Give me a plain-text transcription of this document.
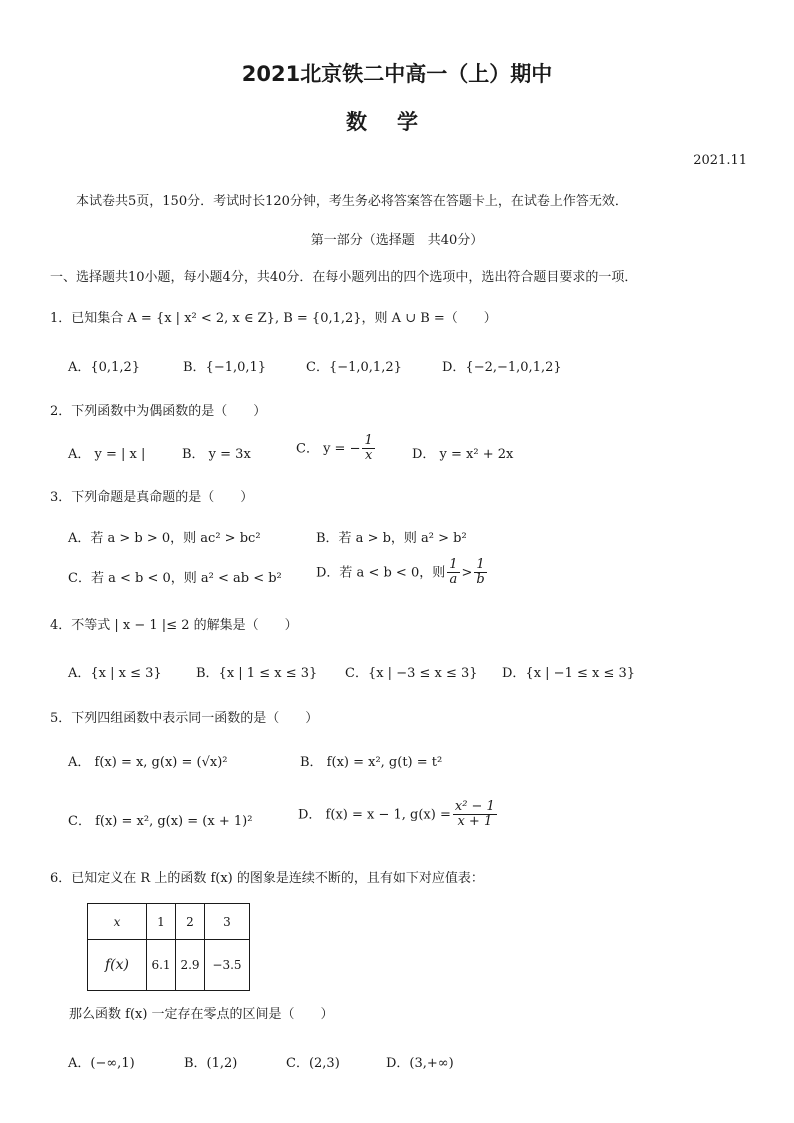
2021北京铁二中高一（上）期中
数学
2021.11
本试卷共5页，150分．考试时长120分钟，考生务必将答案答在答题卡上，在试卷上作答无效．
第一部分（选择题　共40分）
一、选择题共10小题，每小题4分，共40分．在每小题列出的四个选项中，选出符合题目要求的一项．
1．已知集合 A = {x | x² < 2, x ∈ Z}, B = {0,1,2}，则 A ∪ B =（　　）
A．{0,1,2}	B．{−1,0,1}	C．{−1,0,1,2}	D．{−2,−1,0,1,2}
2．下列函数中为偶函数的是（　　）
A． y = | x |	B． y = 3x	C． y = − $\frac{1}{x}$	D． y = x² + 2x
3．下列命题是真命题的是（　　）
A．若 a > b > 0，则 ac² > bc²	B．若 a > b，则 a² > b²
C．若 a < b < 0，则 a² < ab < b²	D．若 a < b < 0，则 $\frac{1}{a} > \frac{1}{b}$
4．不等式 | x − 1 |≤ 2 的解集是（　　）
A．{x | x ≤ 3}	B．{x | 1 ≤ x ≤ 3} C．{x | −3 ≤ x ≤ 3} D．{x | −1 ≤ x ≤ 3}
5．下列四组函数中表示同一函数的是（　　）
A． f(x) = x, g(x) = (√x)²	B． f(x) = x², g(t) = t²
C． f(x) = x², g(x) = (x + 1)²	D． f(x) = x − 1, $g(x) = \frac{\text{x² − 1}}{x + 1}$
6．已知定义在 R 上的函数 f(x) 的图象是连续不断的，且有如下对应值表：
x	1	2	3
f(x)	6.1	2.9	−3.5
那么函数 f(x) 一定存在零点的区间是（　　）
A．(−∞,1)	B．(1,2)	C．(2,3)	D．(3,+∞)
